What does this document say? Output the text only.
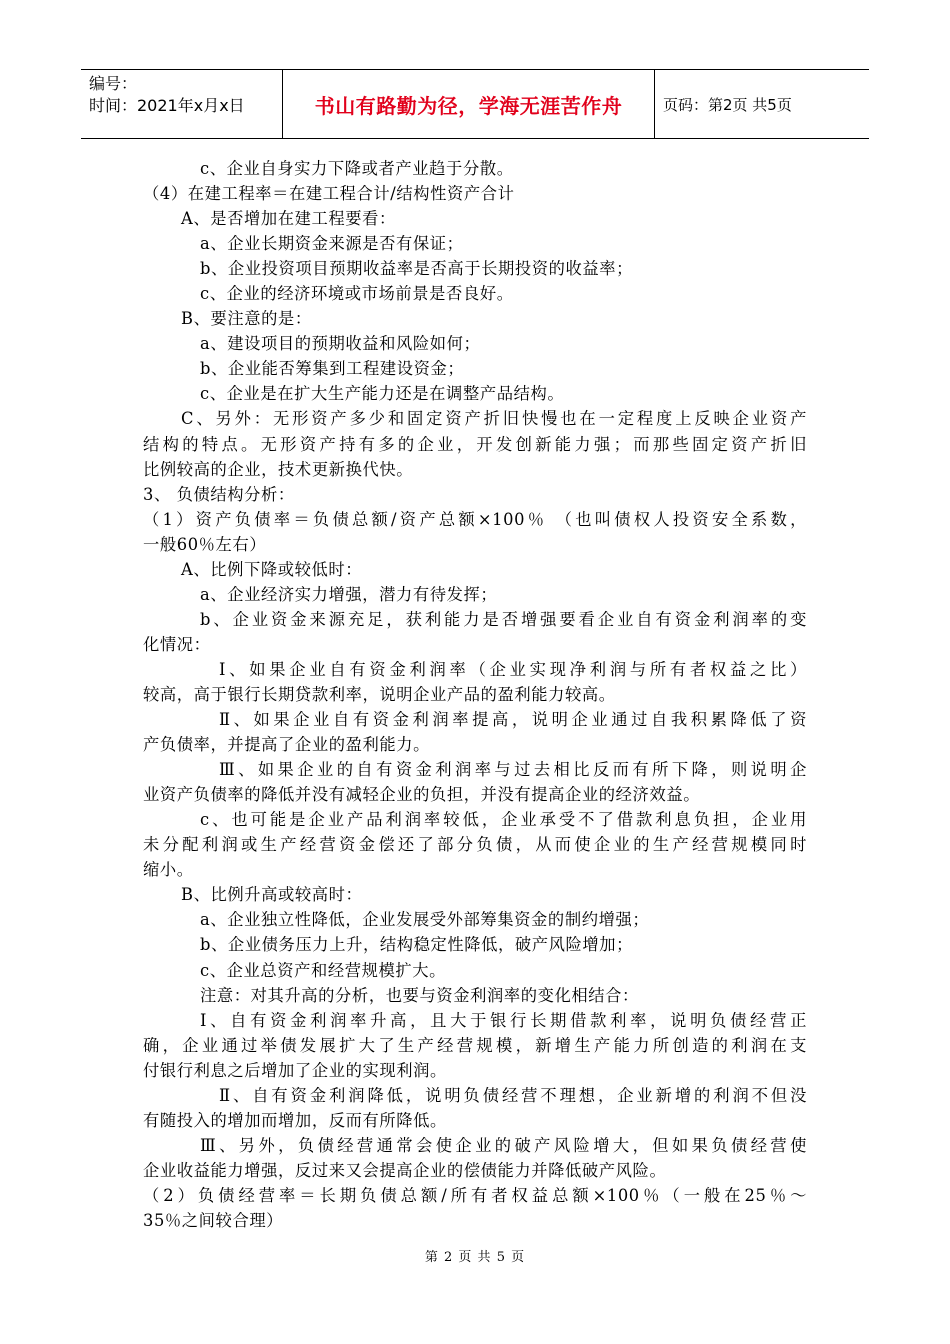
编号：
时间：2021年x月x日	书山有路勤为径，学海无涯苦作舟	页码：第2页 共5页
c、企业自身实力下降或者产业趋于分散。
（4）在建工程率＝在建工程合计/结构性资产合计
A、是否增加在建工程要看：
a、企业长期资金来源是否有保证；
b、企业投资项目预期收益率是否高于长期投资的收益率；
c、企业的经济环境或市场前景是否良好。
B、要注意的是：
a、建设项目的预期收益和风险如何；
b、企业能否筹集到工程建设资金；
c、企业是在扩大生产能力还是在调整产品结构。
C、另外：无形资产多少和固定资产折旧快慢也在一定程度上反映企业资产
结构的特点。无形资产持有多的企业，开发创新能力强；而那些固定资产折旧
比例较高的企业，技术更新换代快。
3、 负债结构分析：
（1）资产负债率＝负债总额/资产总额×100％ （也叫债权人投资安全系数，
一般60％左右）
A、比例下降或较低时：
a、企业经济实力增强，潜力有待发挥；
b、企业资金来源充足，获利能力是否增强要看企业自有资金利润率的变
化情况：
Ⅰ、如果企业自有资金利润率（企业实现净利润与所有者权益之比）
较高，高于银行长期贷款利率，说明企业产品的盈利能力较高。
Ⅱ、如果企业自有资金利润率提高，说明企业通过自我积累降低了资
产负债率，并提高了企业的盈利能力。
Ⅲ、如果企业的自有资金利润率与过去相比反而有所下降，则说明企
业资产负债率的降低并没有减轻企业的负担，并没有提高企业的经济效益。
c、也可能是企业产品利润率较低，企业承受不了借款利息负担，企业用
未分配利润或生产经营资金偿还了部分负债，从而使企业的生产经营规模同时
缩小。
B、比例升高或较高时：
a、企业独立性降低，企业发展受外部筹集资金的制约增强；
b、企业债务压力上升，结构稳定性降低，破产风险增加；
c、企业总资产和经营规模扩大。
注意：对其升高的分析，也要与资金利润率的变化相结合：
Ⅰ、自有资金利润率升高，且大于银行长期借款利率，说明负债经营正
确，企业通过举债发展扩大了生产经营规模，新增生产能力所创造的利润在支
付银行利息之后增加了企业的实现利润。
Ⅱ、自有资金利润降低，说明负债经营不理想，企业新增的利润不但没
有随投入的增加而增加，反而有所降低。
Ⅲ、另外，负债经营通常会使企业的破产风险增大，但如果负债经营使
企业收益能力增强，反过来又会提高企业的偿债能力并降低破产风险。
（2）负债经营率＝长期负债总额/所有者权益总额×100％（一般在25％～
35％之间较合理）
第 2 页 共 5 页
